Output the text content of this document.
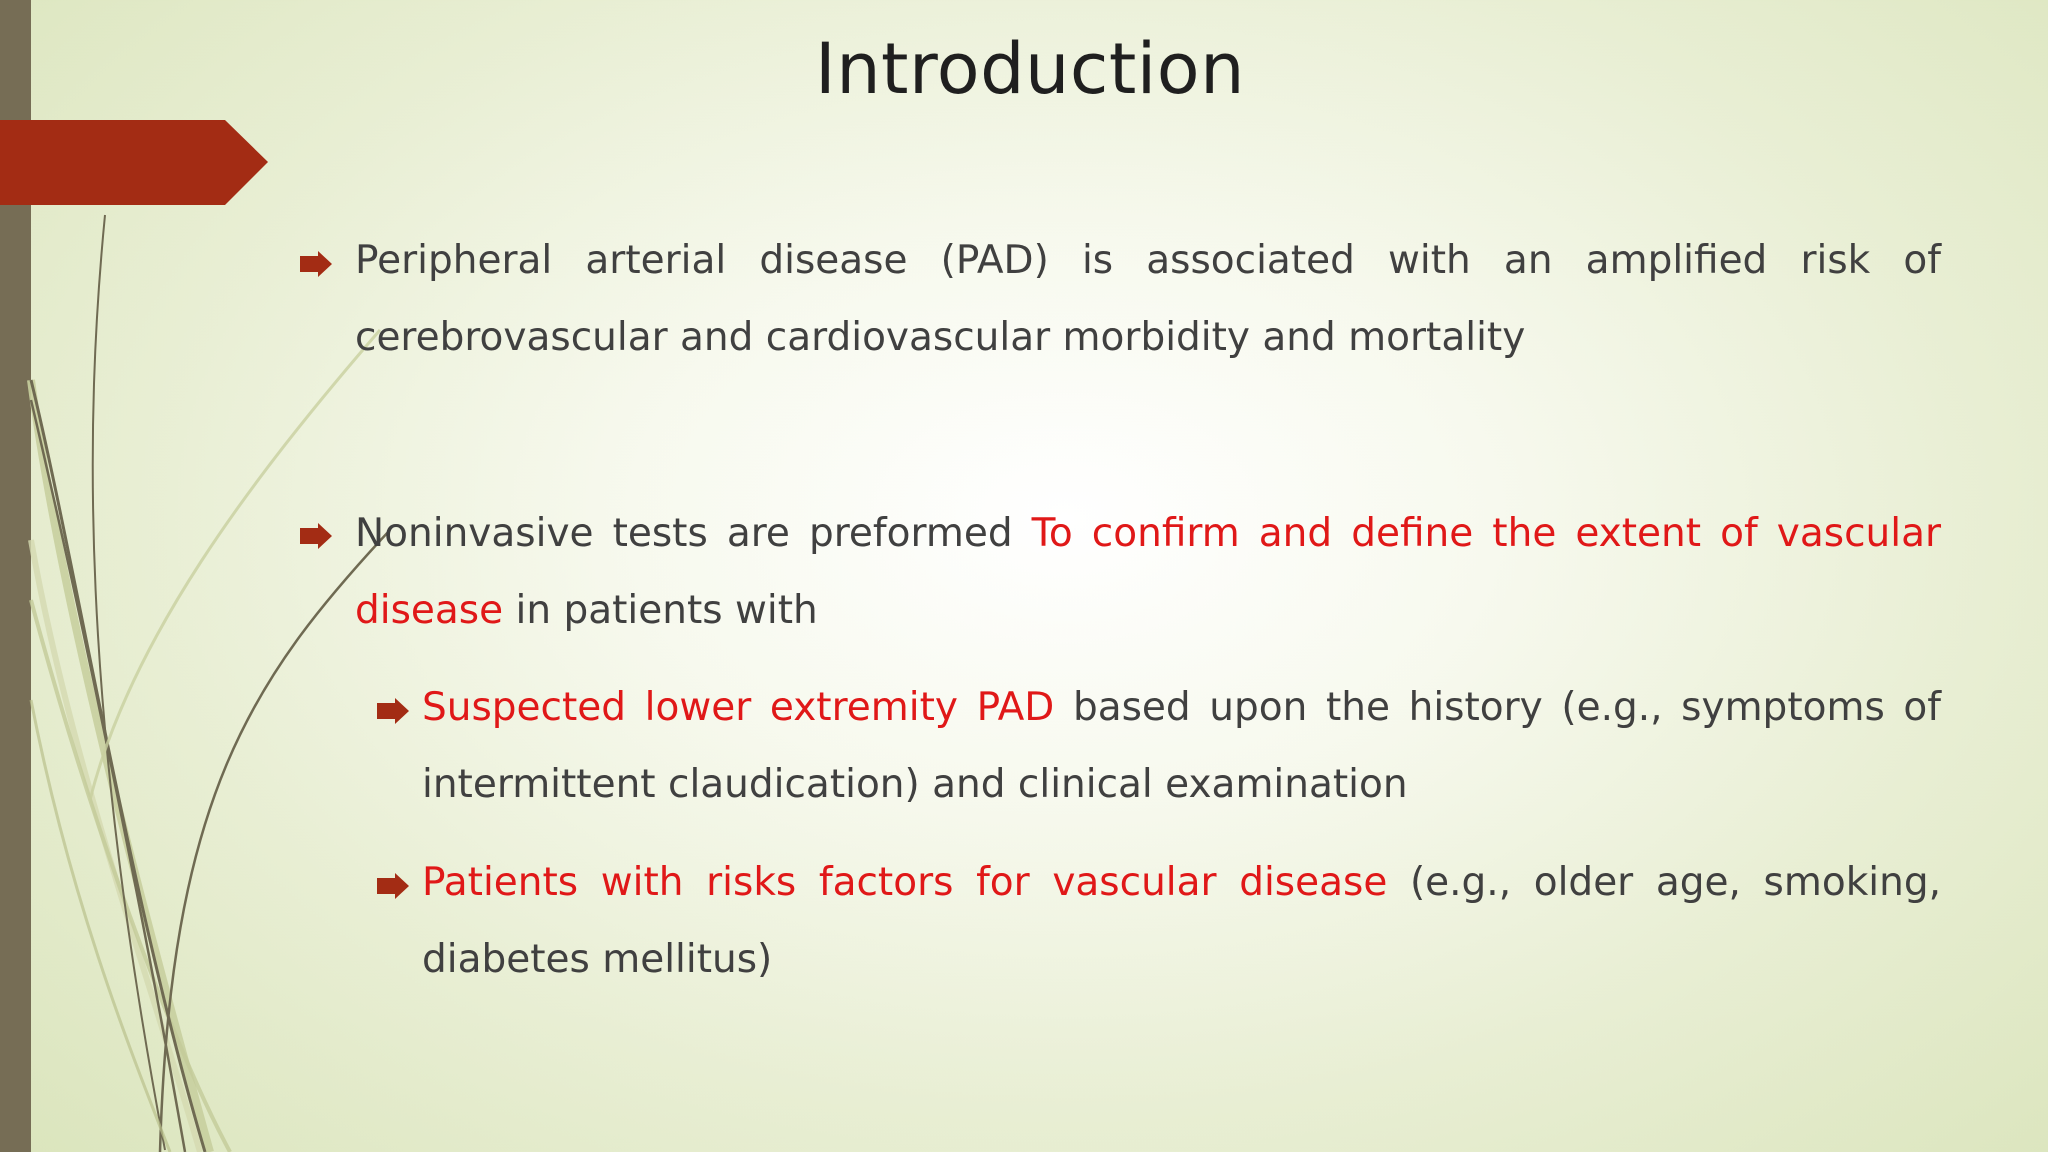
Introduction
Peripheral arterial disease (PAD) is associated with an amplified risk of cerebrovascular and cardiovascular morbidity and mortality
Noninvasive tests are preformed To confirm and define the extent of vascular disease in patients with
Suspected lower extremity PAD based upon the history (e.g., symptoms of intermittent claudication) and clinical examination
Patients with risks factors for vascular disease (e.g., older age, smoking, diabetes mellitus)
